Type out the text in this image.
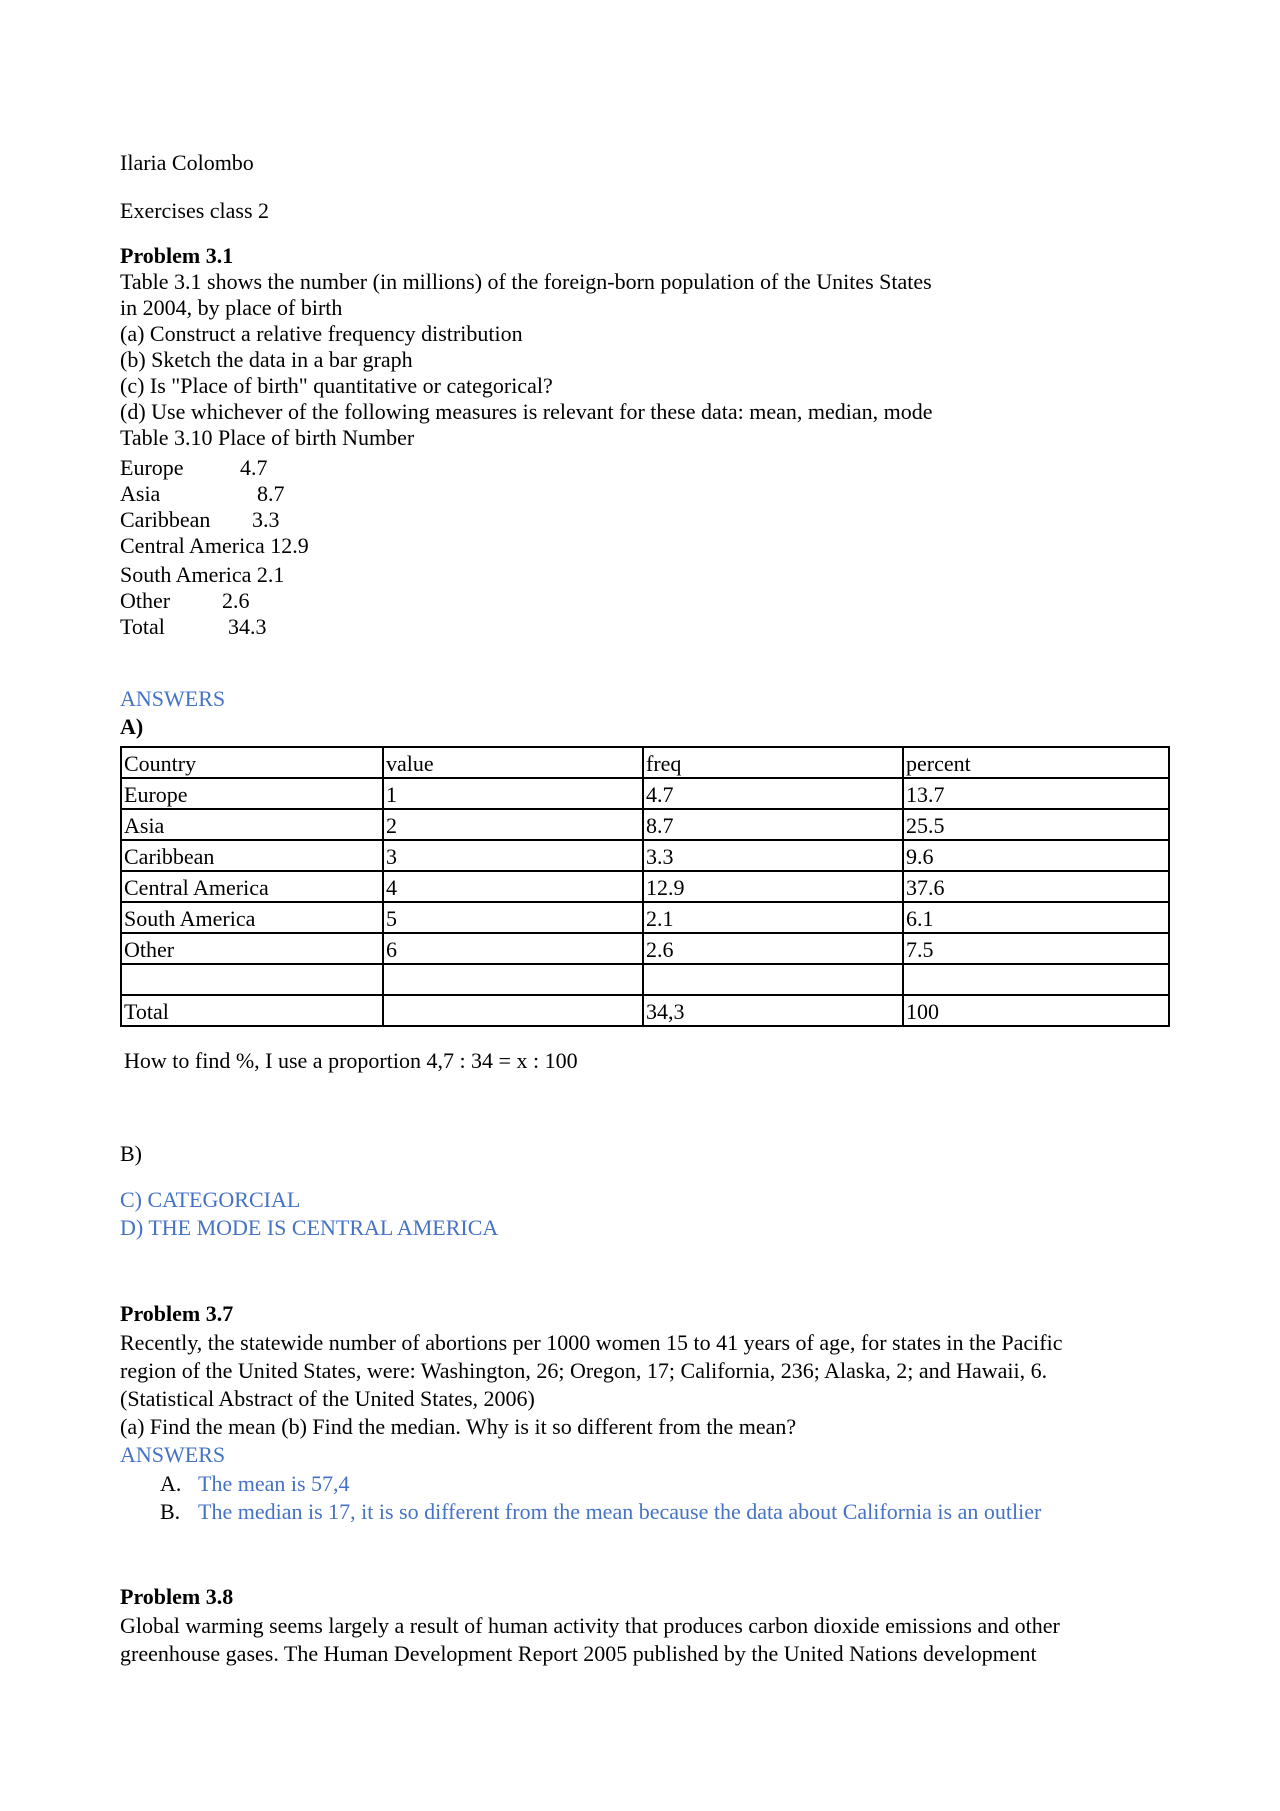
Ilaria Colombo
Exercises class 2
Problem 3.1
Table 3.1 shows the number (in millions) of the foreign-born population of the Unites States
in 2004, by place of birth
(a) Construct a relative frequency distribution
(b) Sketch the data in a bar graph
(c) Is "Place of birth" quantitative or categorical?
(d) Use whichever of the following measures is relevant for these data: mean, median, mode
Table 3.10 Place of birth Number
Europe	4.7
Asia	8.7
Caribbean 3.3
Central America 12.9
South America 2.1
Other 2.6
Total	34.3
ANSWERS
A)
Country	value	freq	percent
Europe	1	4.7	13.7
Asia	2	8.7	25.5
Caribbean	3	3.3	9.6
Central America	4	12.9	37.6
South America	5	2.1	6.1
Other	6	2.6	7.5

Total		34,3	100
How to find %, I use a proportion 4,7 : 34 = x : 100
B)
C) CATEGORCIAL
D) THE MODE IS CENTRAL AMERICA
Problem 3.7
Recently, the statewide number of abortions per 1000 women 15 to 41 years of age, for states in the Pacific
region of the United States, were: Washington, 26; Oregon, 17; California, 236; Alaska, 2; and Hawaii, 6.
(Statistical Abstract of the United States, 2006)
(a) Find the mean (b) Find the median. Why is it so different from the mean?
ANSWERS
A. The mean is 57,4
B. The median is 17, it is so different from the mean because the data about California is an outlier
Problem 3.8
Global warming seems largely a result of human activity that produces carbon dioxide emissions and other
greenhouse gases. The Human Development Report 2005 published by the United Nations development
